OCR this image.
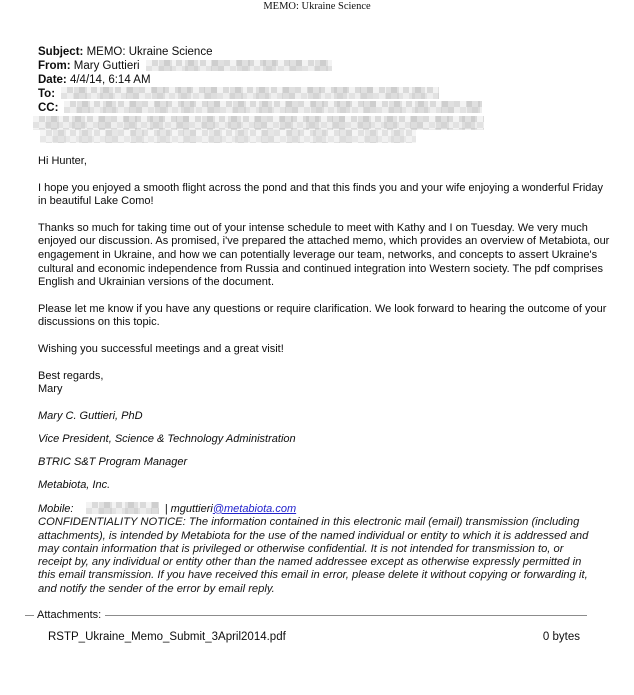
MEMO: Ukraine Science
Subject: MEMO: Ukraine Science
From: Mary Guttieri
Date: 4/4/14, 6:14 AM
To:
CC:

Hi Hunter,

I hope you enjoyed a smooth flight across the pond and that this finds you and your wife enjoying a wonderful Friday in beautiful Lake Como!

Thanks so much for taking time out of your intense schedule to meet with Kathy and I on Tuesday. We very much enjoyed our discussion. As promised, i've prepared the attached memo, which provides an overview of Metabiota, our engagement in Ukraine, and how we can potentially leverage our team, networks, and concepts to assert Ukraine's cultural and economic independence from Russia and continued integration into Western society. The pdf comprises English and Ukrainian versions of the document.

Please let me know if you have any questions or require clarification. We look forward to hearing the outcome of your discussions on this topic.

Wishing you successful meetings and a great visit!

Best regards,
Mary

Mary C. Guttieri, PhD

Vice President, Science & Technology Administration

BTRIC S&T Program Manager

Metabiota, Inc.

Mobile:	| mguttieri@metabiota.com

CONFIDENTIALITY NOTICE: The information contained in this electronic mail (email) transmission (including attachments), is intended by Metabiota for the use of the named individual or entity to which it is addressed and may contain information that is privileged or otherwise confidential. It is not intended for transmission to, or receipt by, any individual or entity other than the named addressee except as otherwise expressly permitted in this email transmission. If you have received this email in error, please delete it without copying or forwarding it, and notify the sender of the error by email reply.

Attachments:
RSTP_Ukraine_Memo_Submit_3April2014.pdf	0 bytes
